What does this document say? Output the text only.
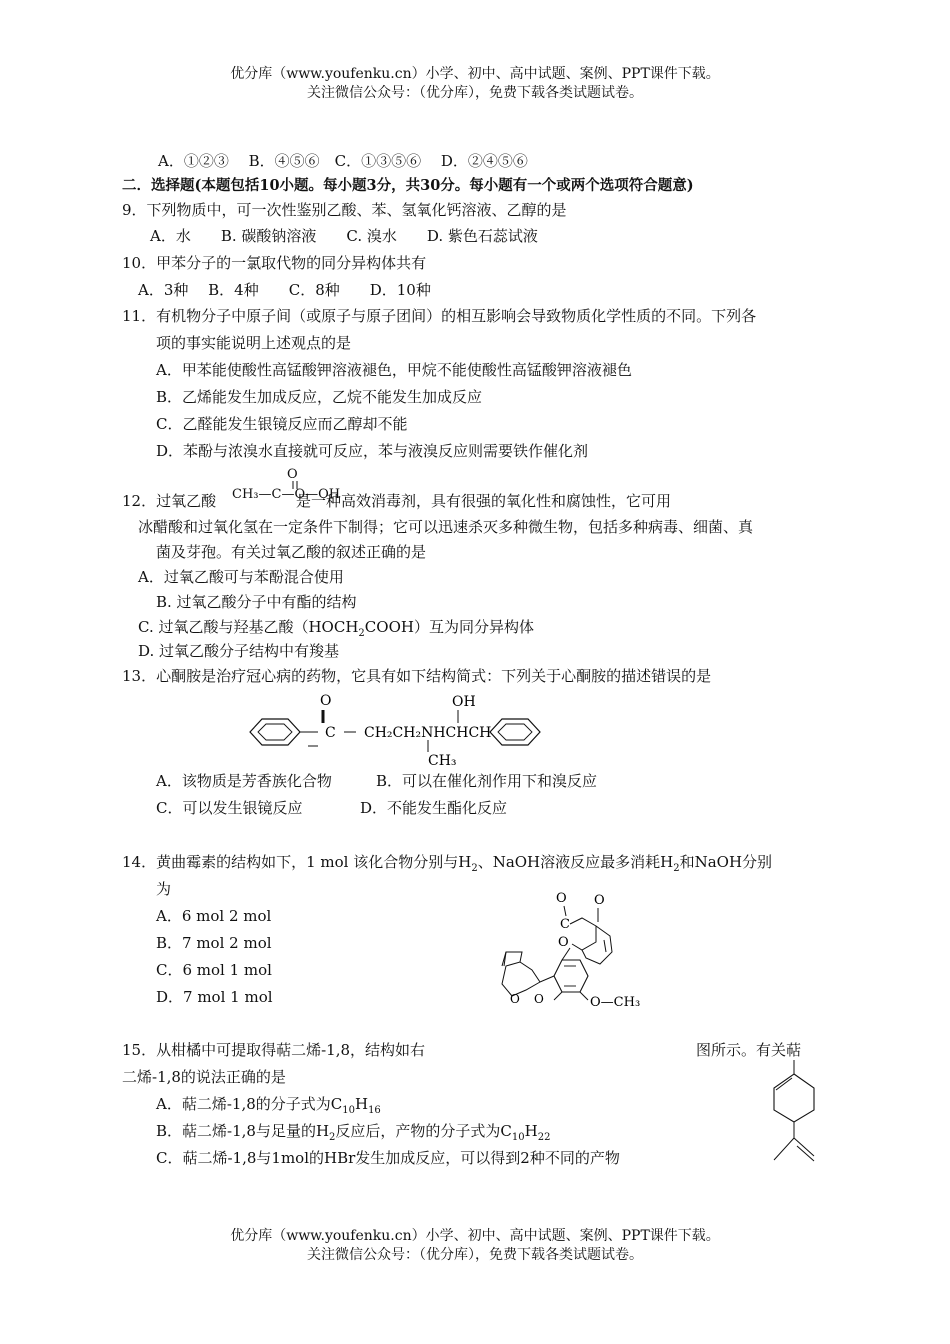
优分库（www.youfenku.cn）小学、初中、高中试题、案例、PPT课件下载。
关注微信公众号：（优分库），免费下载各类试题试卷。
A．①②③　 B．④⑤⑥　C．①③⑤⑥　 D．②④⑤⑥
二．选择题(本题包括10小题。每小题3分，共30分。每小题有一个或两个选项符合题意)
9．下列物质中，可一次性鉴别乙酸、苯、氢氧化钙溶液、乙醇的是
A．水　　B. 碳酸钠溶液　　C. 溴水　　D. 紫色石蕊试液
10．甲苯分子的一氯取代物的同分异构体共有
A．3种　 B．4种　　C．8种　　D．10种
11．有机物分子中原子间（或原子与原子团间）的相互影响会导致物质化学性质的不同。下列各
项的事实能说明上述观点的是
A．甲苯能使酸性高锰酸钾溶液褪色，甲烷不能使酸性高锰酸钾溶液褪色
B．乙烯能发生加成反应，乙烷不能发生加成反应
C．乙醛能发生银镜反应而乙醇却不能
D．苯酚与浓溴水直接就可反应，苯与液溴反应则需要铁作催化剂
12．过氧乙酸
O
CH₃—C—O—OH
是一种高效消毒剂，具有很强的氧化性和腐蚀性，它可用
冰醋酸和过氧化氢在一定条件下制得；它可以迅速杀灭多种微生物，包括多种病毒、细菌、真
菌及芽孢。有关过氧乙酸的叙述正确的是
A．过氧乙酸可与苯酚混合使用
B. 过氧乙酸分子中有酯的结构
C. 过氧乙酸与羟基乙酸$(HOCH_2COOH)$互为同分异构体
D. 过氧乙酸分子结构中有羧基
13．心酮胺是治疗冠心病的药物，它具有如下结构简式：下列关于心酮胺的描述错误的是
O
C CH₂CH₂NHCHCH
OH
CH₃
A．该物质是芳香族化合物	B．可以在催化剂作用下和溴反应
C．可以发生银镜反应	D．不能发生酯化反应
14．黄曲霉素的结构如下，1 mol 该化合物分别与$H_2$、NaOH溶液反应最多消耗$H_2$和NaOH分别
为
A．6 mol 2 mol
B．7 mol 2 mol
C．6 mol 1 mol
D．7 mol 1 mol
O O
C
O
O O	O—CH₃
15．从柑橘中可提取得萜二烯-1,8，结构如右	图所示。有关萜
二烯-1,8的说法正确的是
A．萜二烯-1,8的分子式为$C_{10}H_{16}$
B．萜二烯-1,8与足量的$H_2$反应后，产物的分子式为$C_{10}H_{22}$
C．萜二烯-1,8与1mol的HBr发生加成反应，可以得到2种不同的产物
优分库（www.youfenku.cn）小学、初中、高中试题、案例、PPT课件下载。
关注微信公众号：（优分库），免费下载各类试题试卷。
